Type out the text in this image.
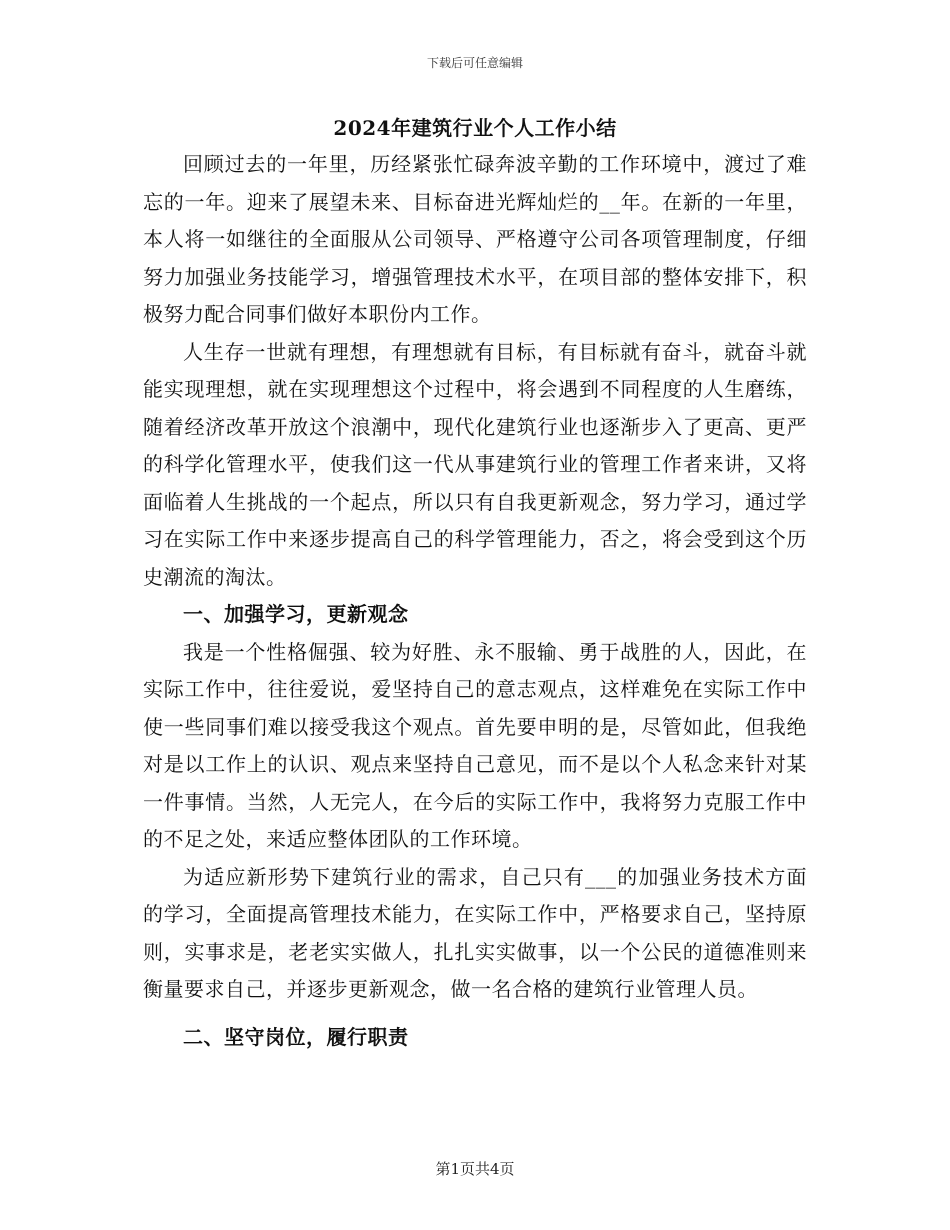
下载后可任意编辑
2024年建筑行业个人工作小结

回顾过去的一年里，历经紧张忙碌奔波辛勤的工作环境中，渡过了难忘的一年。迎来了展望未来、目标奋进光辉灿烂的__年。在新的一年里，本人将一如继往的全面服从公司领导、严格遵守公司各项管理制度，仔细努力加强业务技能学习，增强管理技术水平，在项目部的整体安排下，积极努力配合同事们做好本职份内工作。

人生存一世就有理想，有理想就有目标，有目标就有奋斗，就奋斗就能实现理想，就在实现理想这个过程中，将会遇到不同程度的人生磨练，随着经济改革开放这个浪潮中，现代化建筑行业也逐渐步入了更高、更严的科学化管理水平，使我们这一代从事建筑行业的管理工作者来讲，又将面临着人生挑战的一个起点，所以只有自我更新观念，努力学习，通过学习在实际工作中来逐步提高自己的科学管理能力，否之，将会受到这个历史潮流的淘汰。

一、加强学习，更新观念

我是一个性格倔强、较为好胜、永不服输、勇于战胜的人，因此，在实际工作中，往往爱说，爱坚持自己的意志观点，这样难免在实际工作中使一些同事们难以接受我这个观点。首先要申明的是，尽管如此，但我绝对是以工作上的认识、观点来坚持自己意见，而不是以个人私念来针对某一件事情。当然，人无完人，在今后的实际工作中，我将努力克服工作中的不足之处，来适应整体团队的工作环境。

为适应新形势下建筑行业的需求，自己只有___的加强业务技术方面的学习，全面提高管理技术能力，在实际工作中，严格要求自己，坚持原则，实事求是，老老实实做人，扎扎实实做事，以一个公民的道德准则来衡量要求自己，并逐步更新观念，做一名合格的建筑行业管理人员。

二、坚守岗位，履行职责

第1页共4页
